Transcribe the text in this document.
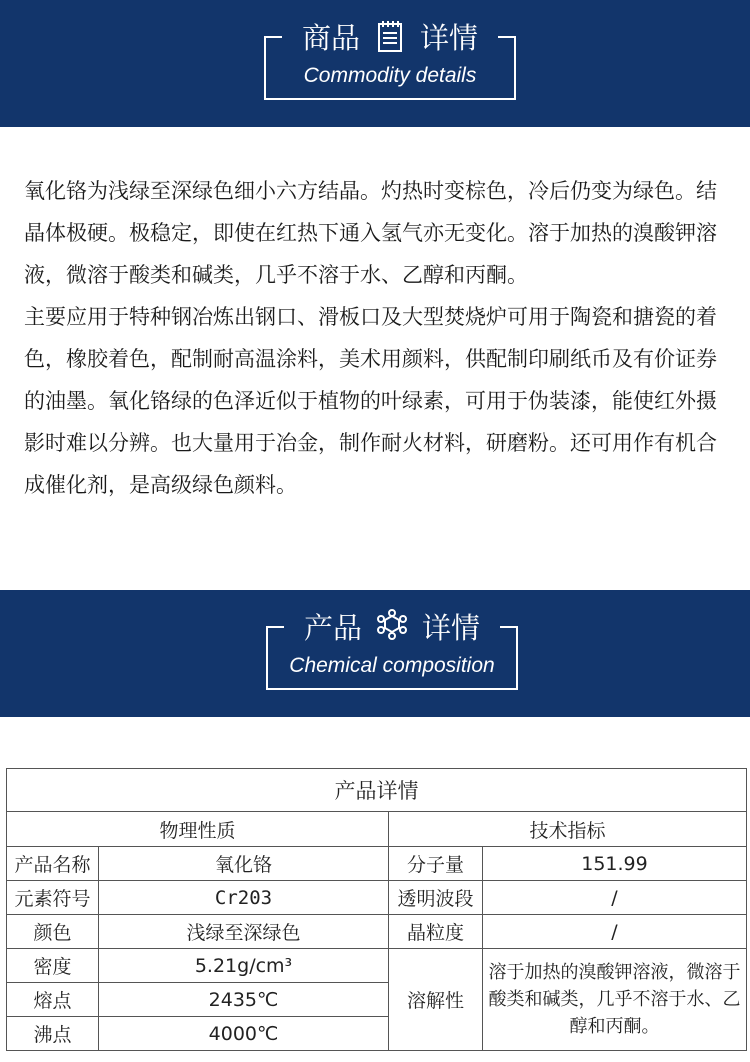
商品 详情
Commodity details

氧化铬为浅绿至深绿色细小六方结晶。灼热时变棕色，冷后仍变为绿色。结晶体极硬。极稳定，即使在红热下通入氢气亦无变化。溶于加热的溴酸钾溶液，微溶于酸类和碱类，几乎不溶于水、乙醇和丙酮。

主要应用于特种钢冶炼出钢口、滑板口及大型焚烧炉可用于陶瓷和搪瓷的着色，橡胶着色，配制耐高温涂料，美术用颜料，供配制印刷纸币及有价证券的油墨。氧化铬绿的色泽近似于植物的叶绿素，可用于伪装漆，能使红外摄影时难以分辨。也大量用于冶金，制作耐火材料，研磨粉。还可用作有机合成催化剂，是高级绿色颜料。

产品 详情
Chemical composition
产品详情			
物理性质		技术指标	
产品名称	氧化铬	分子量	151.99
元素符号	Cr203	透明波段	/
颜色	浅绿至深绿色	晶粒度	/
密度	5.21g/cm³	溶解性	溶于加热的溴酸钾溶液，微溶于酸类和碱类，几乎不溶于水、乙醇和丙酮。
熔点	2435℃		
沸点	4000℃		
